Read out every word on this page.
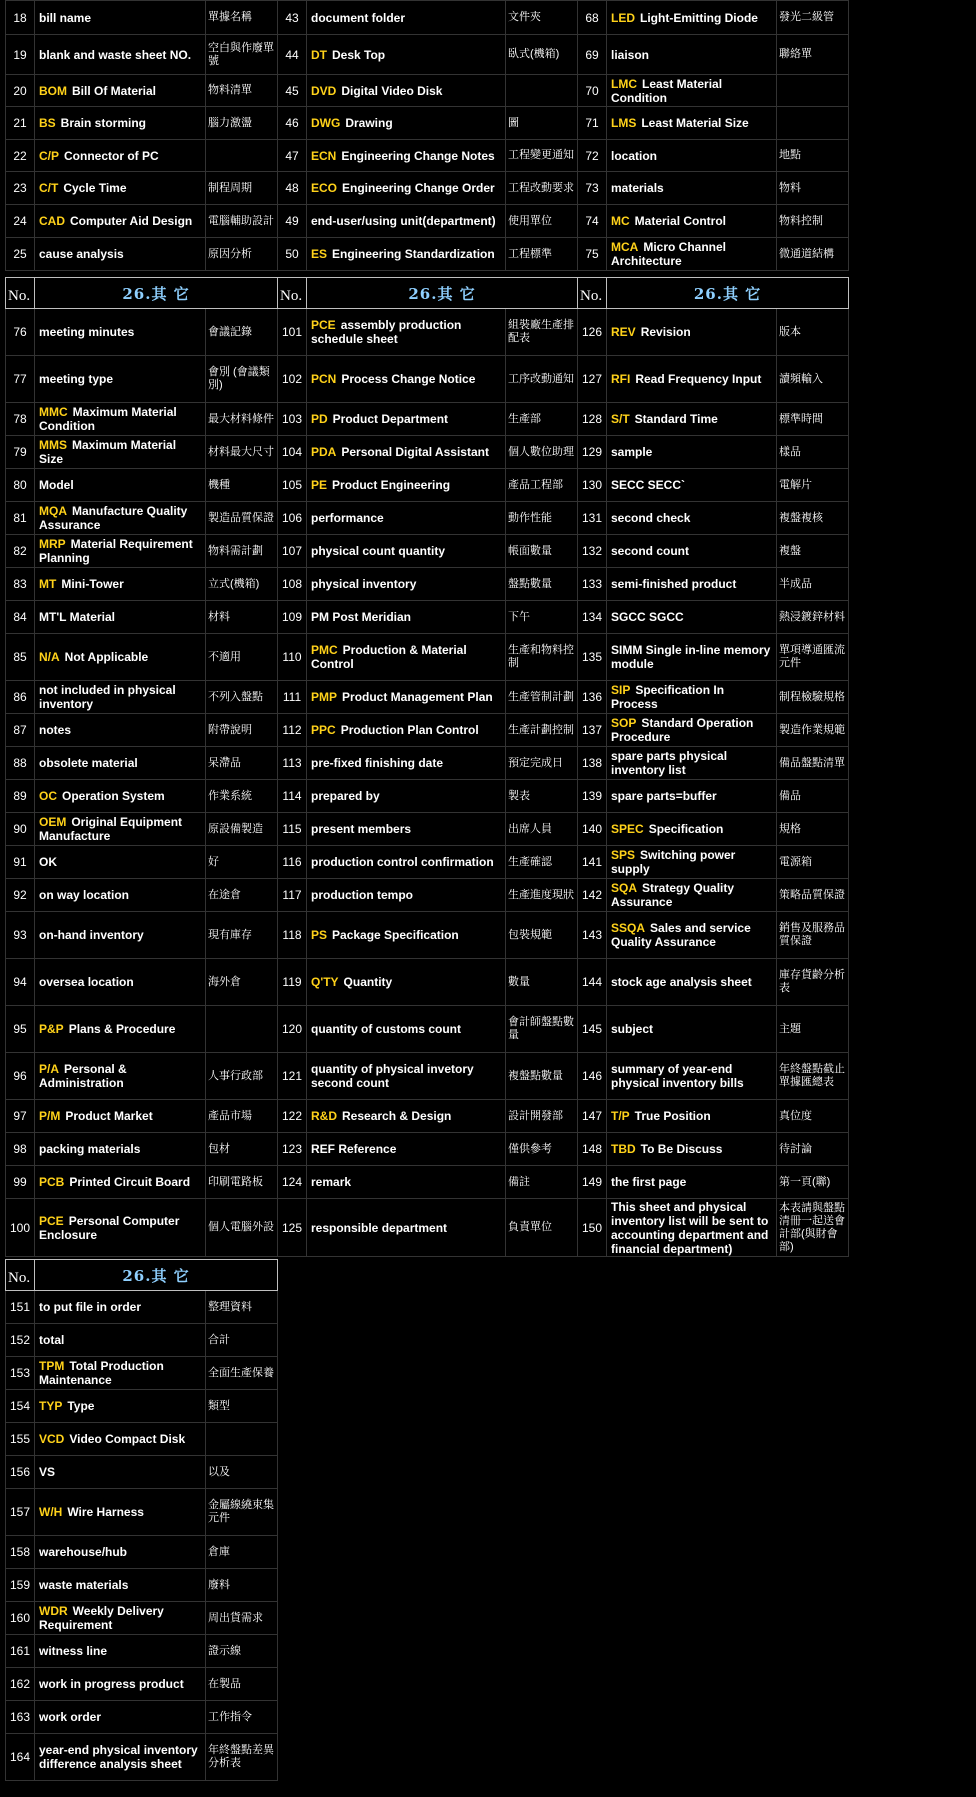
18	bill name	單據名稱
19	blank and waste sheet NO.	空白與作廢單號
20	BOM Bill Of Material	物料清單
21	BS Brain storming	腦力激盪
22	C/P Connector of PC	
23	C/T Cycle Time	制程周期
24	CAD Computer Aid Design	電腦輔助設計
25	cause analysis	原因分析
43	document folder	文件夾
44	DT Desk Top	臥式(機箱)
45	DVD Digital Video Disk	
46	DWG Drawing	圖
47	ECN Engineering Change Notes	工程變更通知
48	ECO Engineering Change Order	工程改動要求
49	end-user/using unit(department)	使用單位
50	ES Engineering Standardization	工程標準
68	LED Light-Emitting Diode	發光二級管
69	liaison	聯絡單
70	LMC Least Material Condition	
71	LMS Least Material Size	
72	location	地點
73	materials	物料
74	MC Material Control	物料控制
75	MCA Micro Channel Architecture	微通道結構
No.	26.其 它	
76	meeting minutes	會議記錄
77	meeting type	會別 (會議類別)
78	MMC Maximum Material Condition	最大材料條件
79	MMS Maximum Material Size	材料最大尺寸
80	Model	機種
81	MQA Manufacture Quality Assurance	製造品質保證
82	MRP Material Requirement Planning	物料需計劃
83	MT Mini-Tower	立式(機箱)
84	MT'L Material	材料
85	N/A Not Applicable	不適用
86	not included in physical inventory	不列入盤點
87	notes	附帶說明
88	obsolete material	呆滯品
89	OC Operation System	作業系統
90	OEM Original Equipment Manufacture	原設備製造
91	OK	好
92	on way location	在途倉
93	on-hand inventory	現有庫存
94	oversea location	海外倉
95	P&P Plans & Procedure	
96	P/A Personal & Administration	人事行政部
97	P/M Product Market	產品市場
98	packing materials	包材
99	PCB Printed Circuit Board	印刷電路板
100	PCE Personal Computer Enclosure	個人電腦外設
No.	26.其 它	
101	PCE assembly production schedule sheet	組裝廠生產排配表
102	PCN Process Change Notice	工序改動通知
103	PD Product Department	生產部
104	PDA Personal Digital Assistant	個人數位助理
105	PE Product Engineering	產品工程部
106	performance	動作性能
107	physical count quantity	帳面數量
108	physical inventory	盤點數量
109	PM Post Meridian	下午
110	PMC Production & Material Control	生產和物料控制
111	PMP Product Management Plan	生產管制計劃
112	PPC Production Plan Control	生產計劃控制
113	pre-fixed finishing date	預定完成日
114	prepared by	製表
115	present members	出席人員
116	production control confirmation	生產確認
117	production tempo	生產進度現狀
118	PS Package Specification	包裝規範
119	Q'TY Quantity	數量
120	quantity of customs count	會計師盤點數量
121	quantity of physical invetory second count	複盤點數量
122	R&D Research & Design	設計開發部
123	REF Reference	僅供參考
124	remark	備註
125	responsible department	負責單位
No.	26.其 它	
126	REV Revision	版本
127	RFI Read Frequency Input	讀頻輸入
128	S/T Standard Time	標準時間
129	sample	樣品
130	SECC SECC`	電解片
131	second check	複盤複核
132	second count	複盤
133	semi-finished product	半成品
134	SGCC SGCC	熱浸鍍鋅材料
135	SIMM Single in-line memory module	單項導通匯流元件
136	SIP Specification In Process	制程檢驗規格
137	SOP Standard Operation Procedure	製造作業規範
138	spare parts physical inventory list	備品盤點清單
139	spare parts=buffer	備品
140	SPEC Specification	規格
141	SPS Switching power supply	電源箱
142	SQA Strategy Quality Assurance	策略品質保證
143	SSQA Sales and service Quality Assurance	銷售及服務品質保證
144	stock age analysis sheet	庫存貨齡分析表
145	subject	主題
146	summary of year-end physical inventory bills	年終盤點截止單據匯總表
147	T/P True Position	真位度
148	TBD To Be Discuss	待討論
149	the first page	第一頁(聯)
150	This sheet and physical inventory list will be sent to accounting department and financial department)	本表請與盤點清冊一起送會計部(與財會部)
No.	26.其 它	
151	to put file in order	整理資料
152	total	合計
153	TPM Total Production Maintenance	全面生產保養
154	TYP Type	類型
155	VCD Video Compact Disk	
156	VS	以及
157	W/H Wire Harness	金屬線繞束集元件
158	warehouse/hub	倉庫
159	waste materials	廢料
160	WDR Weekly Delivery Requirement	周出貨需求
161	witness line	證示線
162	work in progress product	在製品
163	work order	工作指令
164	year-end physical inventory difference analysis sheet	年終盤點差異分析表
